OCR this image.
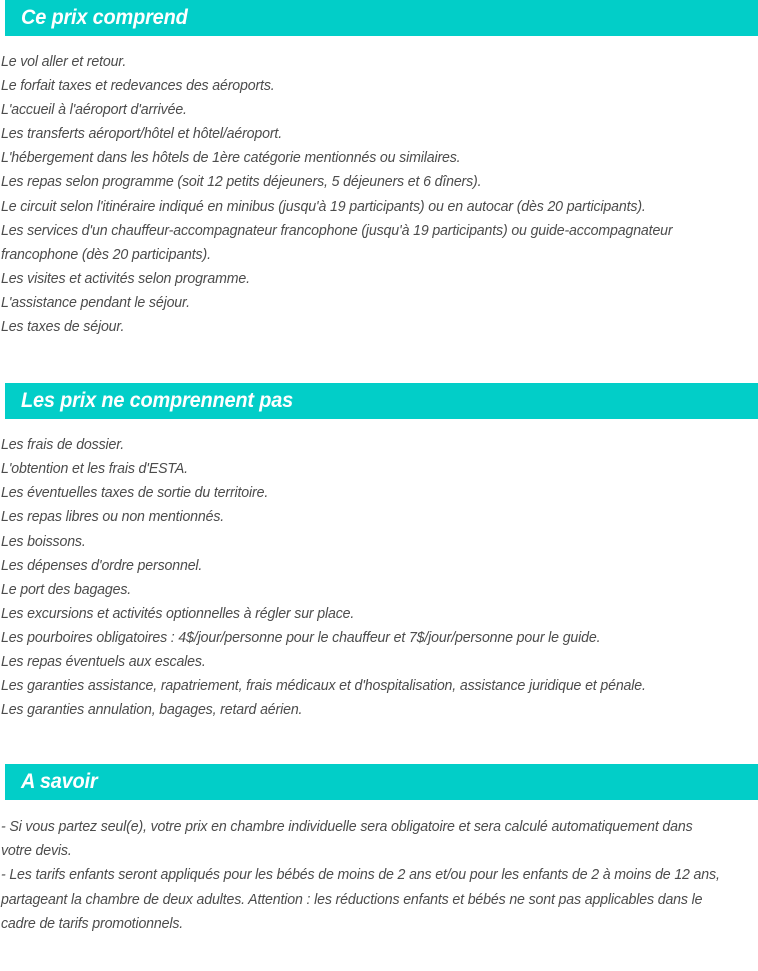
Ce prix comprend
Le vol aller et retour.
Le forfait taxes et redevances des aéroports.
L'accueil à l'aéroport d'arrivée.
Les transferts aéroport/hôtel et hôtel/aéroport.
L'hébergement dans les hôtels de 1ère catégorie mentionnés ou similaires.
Les repas selon programme (soit 12 petits déjeuners, 5 déjeuners et 6 dîners).
Le circuit selon l'itinéraire indiqué en minibus (jusqu'à 19 participants) ou en autocar (dès 20 participants).
Les services d'un chauffeur-accompagnateur francophone (jusqu'à 19 participants) ou guide-accompagnateur francophone (dès 20 participants).
Les visites et activités selon programme.
L'assistance pendant le séjour.
Les taxes de séjour.
Les prix ne comprennent pas
Les frais de dossier.
L'obtention et les frais d'ESTA.
Les éventuelles taxes de sortie du territoire.
Les repas libres ou non mentionnés.
Les boissons.
Les dépenses d'ordre personnel.
Le port des bagages.
Les excursions et activités optionnelles à régler sur place.
Les pourboires obligatoires : 4$/jour/personne pour le chauffeur et 7$/jour/personne pour le guide.
Les repas éventuels aux escales.
Les garanties assistance, rapatriement, frais médicaux et d'hospitalisation, assistance juridique et pénale.
Les garanties annulation, bagages, retard aérien.
A savoir

- Si vous partez seul(e), votre prix en chambre individuelle sera obligatoire et sera calculé automatiquement dans votre devis.

- Les tarifs enfants seront appliqués pour les bébés de moins de 2 ans et/ou pour les enfants de 2 à moins de 12 ans, partageant la chambre de deux adultes. Attention : les réductions enfants et bébés ne sont pas applicables dans le cadre de tarifs promotionnels.
